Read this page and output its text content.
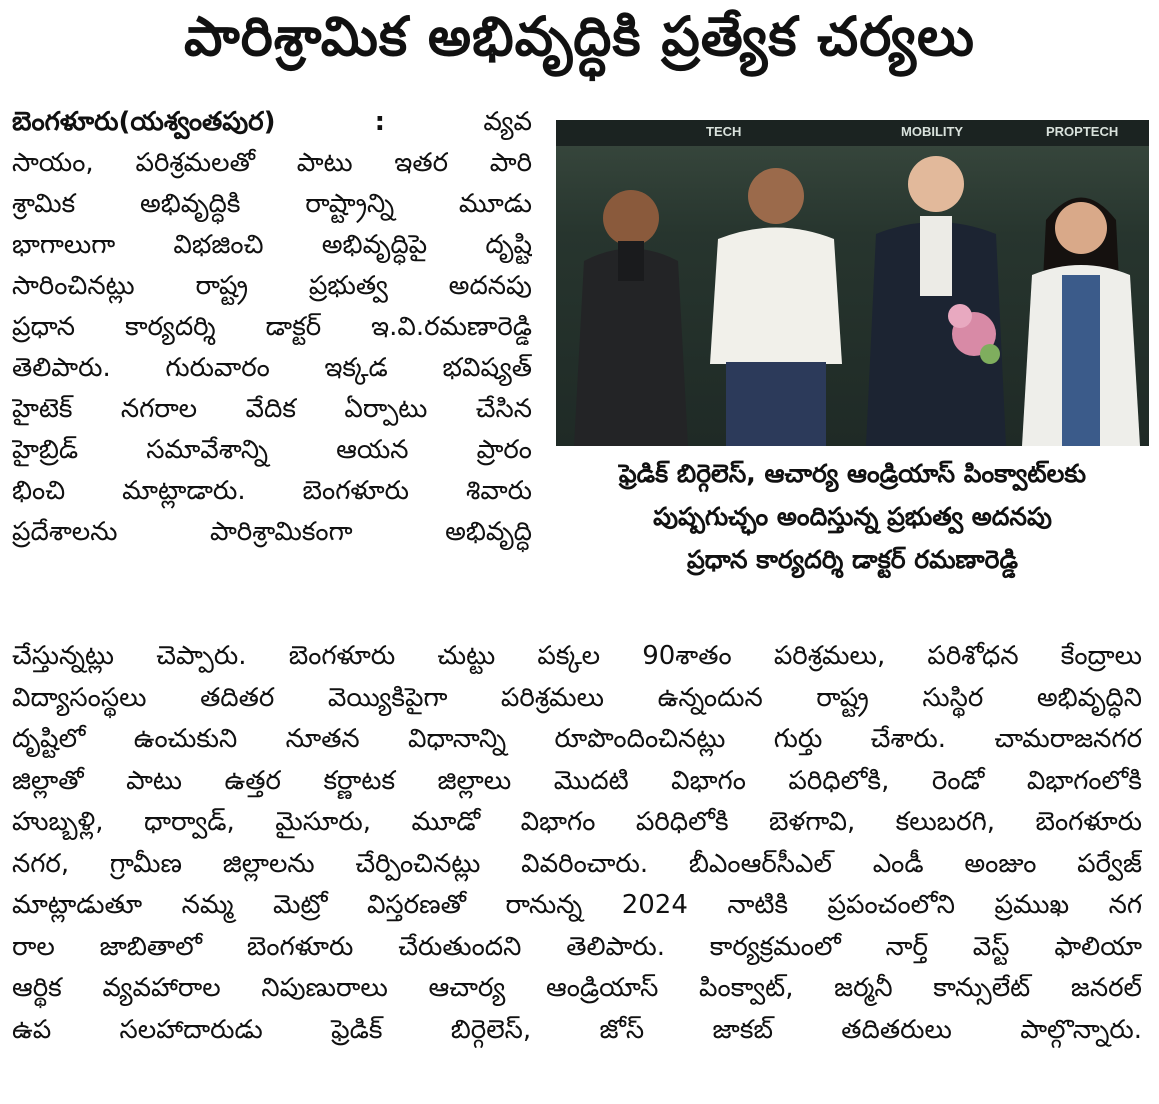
పారిశ్రామిక అభివృద్ధికి ప్రత్యేక చర్యలు
బెంగళూరు(యశ్వంతపుర) :	వ్యవ
సాయం, పరిశ్రమలతో పాటు ఇతర పారి
శ్రామిక అభివృద్ధికి రాష్ట్రాన్ని మూడు
భాగాలుగా విభజించి అభివృద్ధిపై దృష్టి
సారించినట్లు రాష్ట్ర ప్రభుత్వ అదనపు
ప్రధాన కార్యదర్శి డాక్టర్ ఇ.వి.రమణారెడ్డి
తెలిపారు. గురువారం ఇక్కడ భవిష్యత్
హైటెక్ నగరాల వేదిక ఏర్పాటు చేసిన
హైబ్రిడ్ సమావేశాన్ని ఆయన ప్రారం
భించి మాట్లాడారు. బెంగళూరు శివారు
ప్రదేశాలను పారిశ్రామికంగా అభివృద్ధి
TECH	MOBILITY	PROPTECH
ఫ్రెడిక్ బిర్గెలెస్, ఆచార్య ఆండ్రియాస్ పింక్వాట్‌లకు
పుష్పగుచ్ఛం అందిస్తున్న ప్రభుత్వ అదనపు
ప్రధాన కార్యదర్శి డాక్టర్ రమణారెడ్డి
చేస్తున్నట్లు చెప్పారు. బెంగళూరు చుట్టు పక్కల 90శాతం పరిశ్రమలు, పరిశోధన కేంద్రాలు
విద్యాసంస్థలు తదితర వెయ్యికిపైగా పరిశ్రమలు ఉన్నందున రాష్ట్ర సుస్థిర అభివృద్ధిని
దృష్టిలో ఉంచుకుని నూతన విధానాన్ని రూపొందించినట్లు గుర్తు చేశారు. చామరాజనగర
జిల్లాతో పాటు ఉత్తర కర్ణాటక జిల్లాలు మొదటి విభాగం పరిధిలోకి, రెండో విభాగంలోకి
హుబ్బళ్లి, ధార్వాడ్, మైసూరు, మూడో విభాగం పరిధిలోకి బెళగావి, కలుబరగి, బెంగళూరు
నగర, గ్రామీణ జిల్లాలను చేర్పించినట్లు వివరించారు. బీఎంఆర్‌సీఎల్ ఎండీ అంజుం పర్వేజ్
మాట్లాడుతూ నమ్మ మెట్రో విస్తరణతో రానున్న 2024 నాటికి ప్రపంచంలోని ప్రముఖ నగ
రాల జాబితాలో బెంగళూరు చేరుతుందని తెలిపారు. కార్యక్రమంలో నార్త్ వెస్ట్ ఫాలియా
ఆర్థిక వ్యవహారాల నిపుణురాలు ఆచార్య ఆండ్రియాస్ పింక్వాట్, జర్మనీ కాన్సులేట్ జనరల్
ఉప సలహాదారుడు ఫ్రెడిక్ బిర్గెలెస్, జోస్ జాకబ్ తదితరులు పాల్గొన్నారు.
